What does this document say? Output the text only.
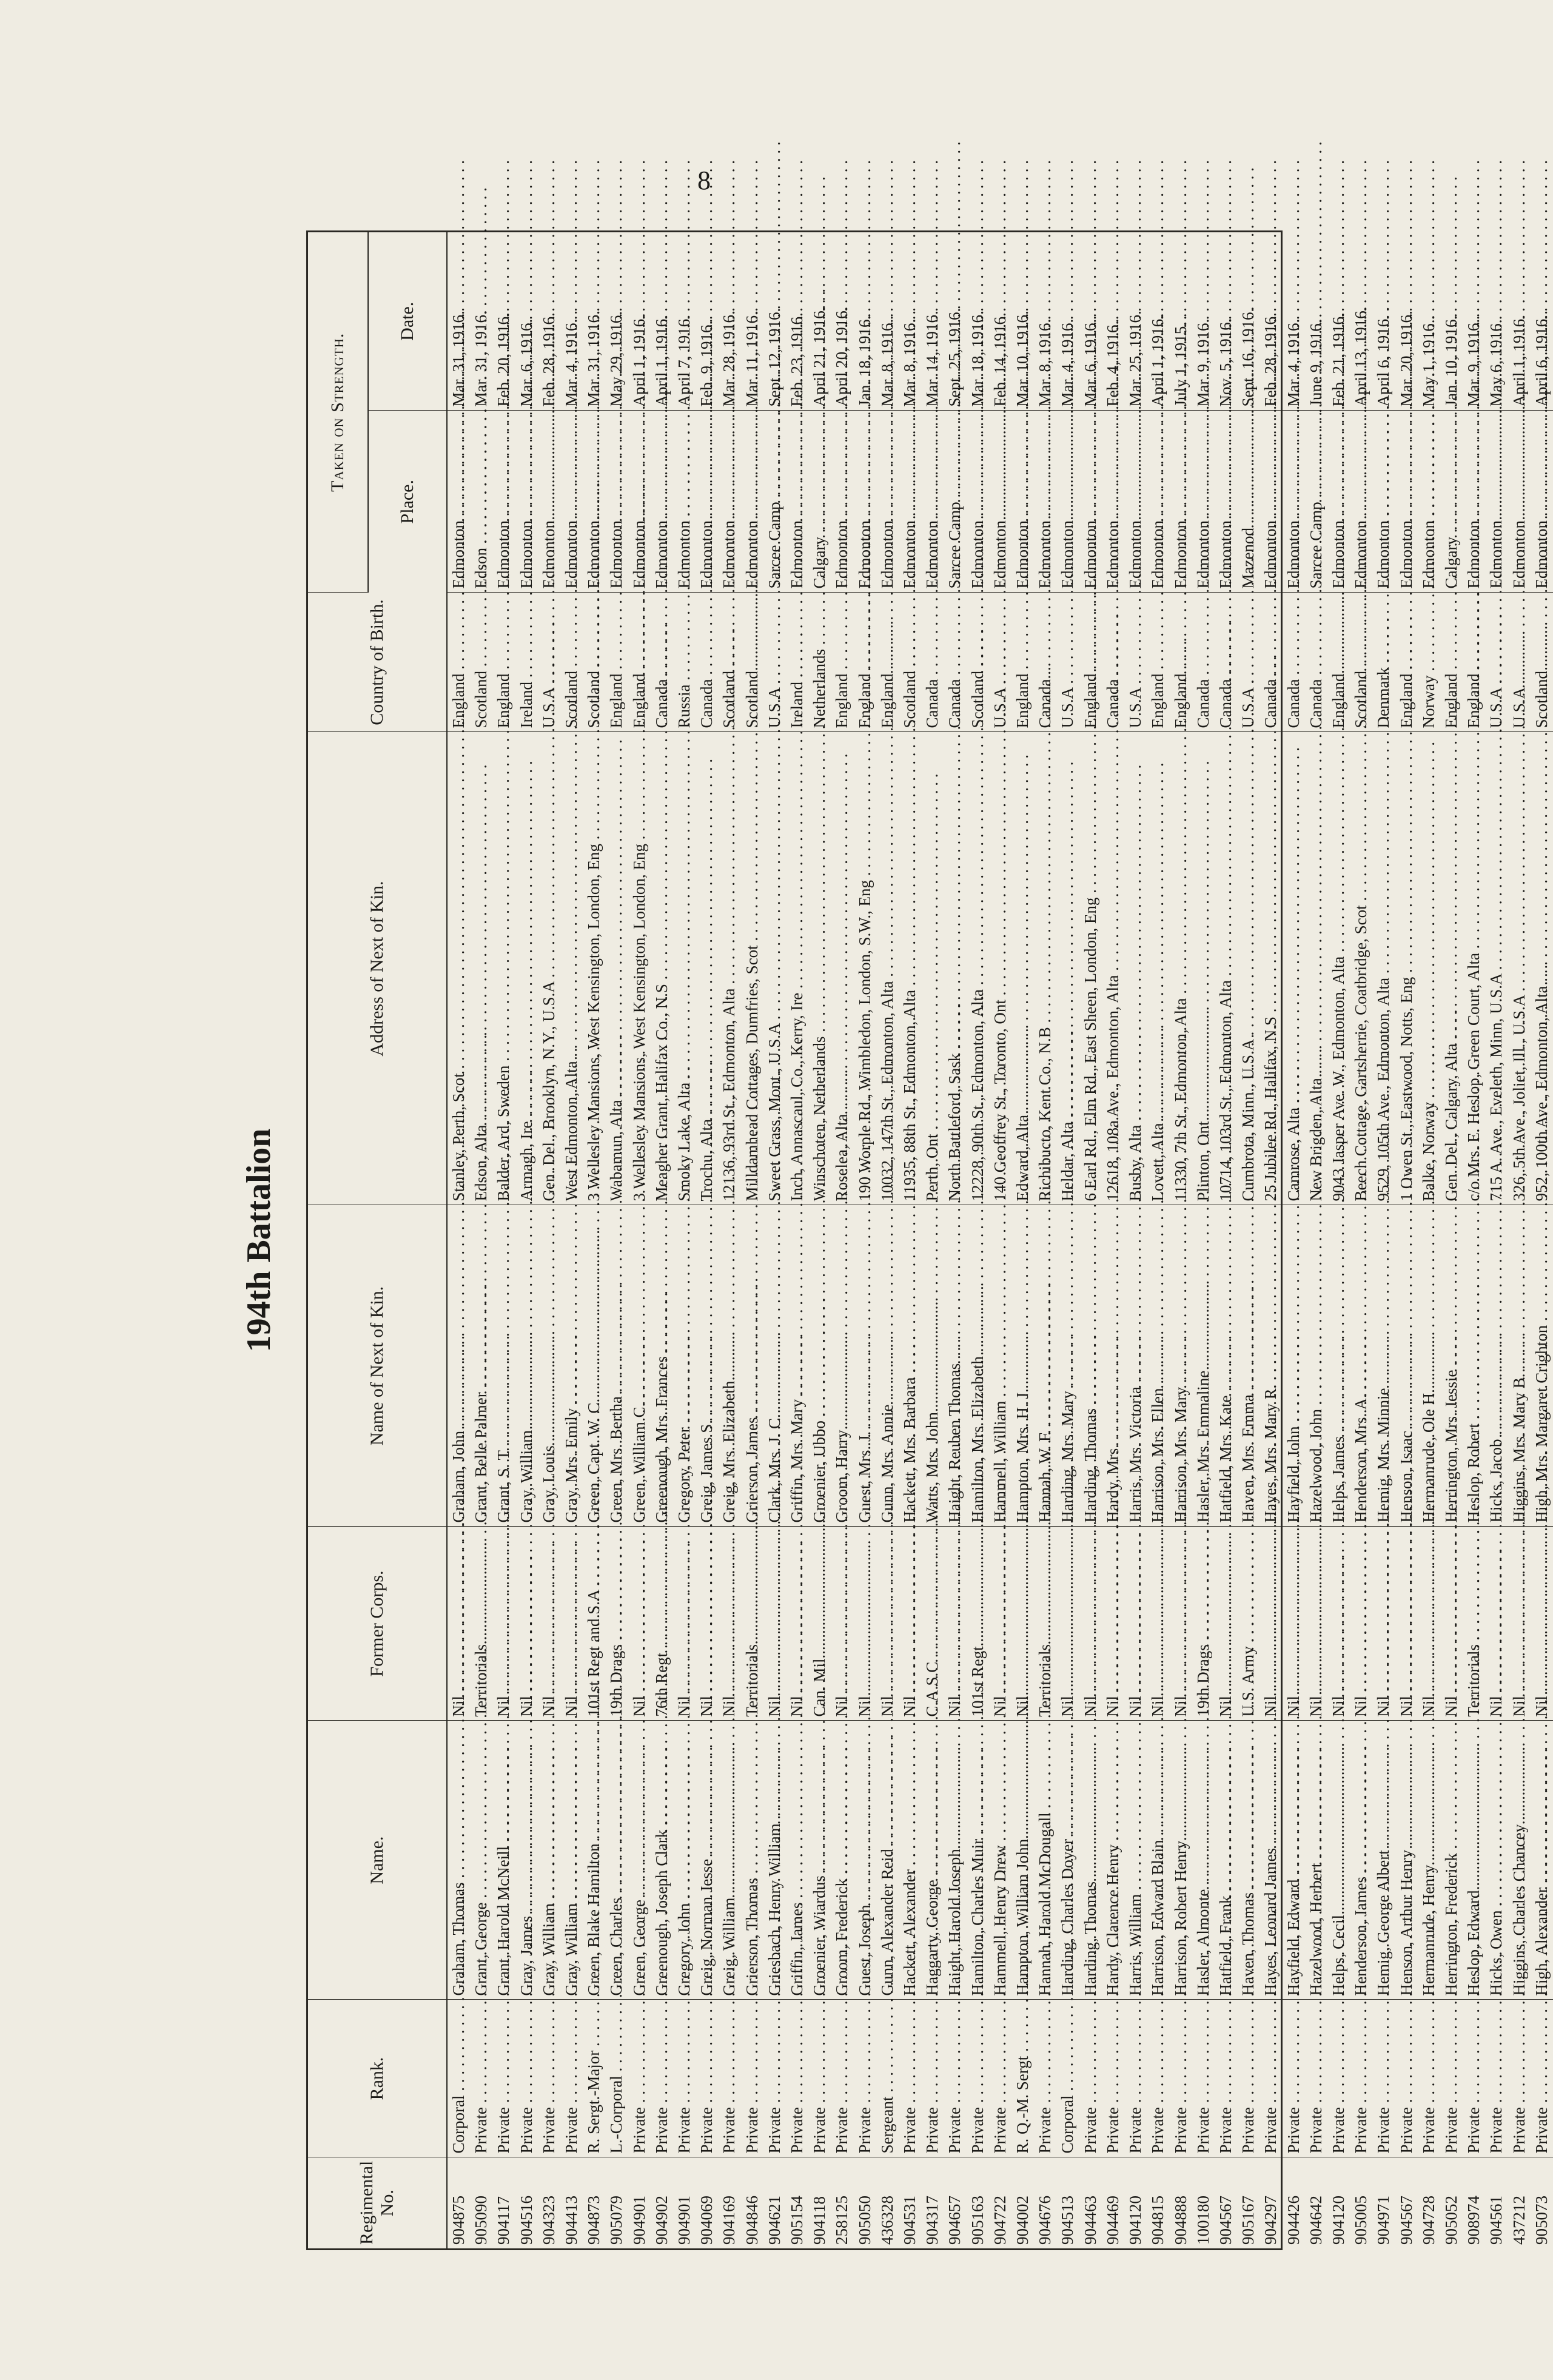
8
194th Battalion
Regimental No.	Rank.	Name.	Former Corps.	Name of Next of Kin.	Address of Next of Kin.	Country of Birth.	Taken on Strength.	
							Place.	Date.
904875	Corporal . . .	Graham, Thomas . . .	Nil . . .	Graham, John . . .	Stanley, Perth, Scot . . .	England . . .	Edmonton . . .	Mar. 31, 1916.
905090	Private . . .	Grant, George . . .	Territorials . . .	Grant, Belle Palmer . . .	Edson, Alta . . .	Scotland . . .	Edson . . .	Mar. 31, 1916.
904117	Private . . .	Grant, Harold McNeill . . .	Nil . . .	Grant, S. T. . . .	Balder, Ard, Sweden . . .	England . . .	Edmonton . . .	Feb. 20, 1916.
904516	Private . . .	Gray, James . . .	Nil . . .	Gray, William . . .	Armagh, Ire . . .	Ireland . . .	Edmonton . . .	Mar. 6, 1916.
904323	Private . . .	Gray, William . . .	Nil . . .	Gray, Louis . . .	Gen. Del., Brooklyn, N.Y., U.S.A . . .	U.S.A . . .	Edmonton . . .	Feb. 28, 1916.
904413	Private . . .	Gray, William . . .	Nil . . .	Gray, Mrs. Emily . . .	West Edmonton, Alta . . .	Scotland . . .	Edmonton . . .	Mar. 4, 1916.
904873	R. Sergt.-Major . . .	Green, Blake Hamilton . . .	101st Regt and S.A . . .	Green, Capt. W. C. . . .	3 Wellesley Mansions, West Kensington, London, Eng . . .	Scotland . . .	Edmonton . . .	Mar. 31, 1916.
905079	L.-Corporal . . .	Green, Charles . . .	19th Drags . . .	Green, Mrs. Bertha . . .	Wabamun, Alta . . .	England . . .	Edmonton . . .	May 29, 1916.
904901	Private . . .	Green, George . . .	Nil . . .	Green, William C. . . .	3 Wellesley Mansions, West Kensington, London, Eng . . .	England . . .	Edmonton . . .	April 1, 1916.
904902	Private . . .	Greenough, Joseph Clark . . .	76th Regt . . .	Greenough, Mrs. Frances . . .	Meagher Grant, Halifax Co., N.S . . .	Canada . . .	Edmonton . . .	April 1, 1916.
904901	Private . . .	Gregory, John . . .	Nil . . .	Gregory, Peter . . .	Smoky Lake, Alta . . .	Russia . . .	Edmonton . . .	April 7, 1916.
904069	Private . . .	Greig, Norman Jesse . . .	Nil . . .	Greig, James S. . . .	Trochu, Alta . . .	Canada . . .	Edmonton . . .	Feb. 9, 1916.
904169	Private . . .	Greig, William . . .	Nil . . .	Greig, Mrs. Elizabeth . . .	12136, 93rd St., Edmonton, Alta . . .	Scotland . . .	Edmonton . . .	Mar. 28, 1916.
904846	Private . . .	Grierson, Thomas . . .	Territorials . . .	Grierson, James . . .	Milldamhead Cottages, Dumfries, Scot . . .	Scotland . . .	Edmonton . . .	Mar. 11, 1916.
904621	Private . . .	Griesbach, Henry William . . .	Nil . . .	Clark, Mrs. J. C. . . .	Sweet Grass, Mont., U.S.A . . .	U.S.A . . .	Sarcee Camp . . .	Sept. 12, 1916.
905154	Private . . .	Griffin, James . . .	Nil . . .	Griffin, Mrs. Mary . . .	Inch, Annascaul, Co., Kerry, Ire . . .	Ireland . . .	Edmonton . . .	Feb. 23, 1916.
904118	Private . . .	Groenier, Wiardus . . .	Can. Mil . . .	Groenier, Ubbo . . .	Winschoten, Netherlands . . .	Netherlands . . .	Calgary . . .	April 21, 1916.
258125	Private . . .	Groom, Frederick . . .	Nil . . .	Groom, Harry . . .	Roselea, Alta . . .	England . . .	Edmonton . . .	April 20, 1916.
905050	Private . . .	Guest, Joseph . . .	Nil . . .	Guest, Mrs. J. . . .	190 Worple Rd., Wimbledon, London, S.W., Eng . . .	England . . .	Edmonton . . .	Jan. 18, 1916.
436328	Sergeant . . .	Gunn, Alexander Reid . . .	Nil . . .	Gunn, Mrs. Annie . . .	10032, 147th St., Edmonton, Alta . . .	England . . .	Edmonton . . .	Mar. 8, 1916.
904531	Private . . .	Hackett, Alexander . . .	Nil . . .	Hackett, Mrs. Barbara . . .	11935, 88th St., Edmonton, Alta . . .	Scotland . . .	Edmonton . . .	Mar. 8, 1916.
904317	Private . . .	Haggarty, George . . .	C.A.S.C . . .	Watts, Mrs. John . . .	Perth, Ont . . .	Canada . . .	Edmonton . . .	Mar. 14, 1916.
904657	Private . . .	Haight, Harold Joseph . . .	Nil . . .	Haight, Reuben Thomas . . .	North Battleford, Sask . . .	Canada . . .	Sarcee Camp . . .	Sept. 25, 1916.
905163	Private . . .	Hamilton, Charles Muir . . .	101st Regt . . .	Hamilton, Mrs. Elizabeth . . .	12228, 90th St., Edmonton, Alta . . .	Scotland . . .	Edmonton . . .	Mar. 18, 1916.
904722	Private . . .	Hammell, Henry Drew . . .	Nil . . .	Hammell, William . . .	140 Geoffrey St., Toronto, Ont . . .	U.S.A . . .	Edmonton . . .	Feb. 14, 1916.
904002	R. Q.-M. Sergt . . .	Hampton, William John . . .	Nil . . .	Hampton, Mrs. H. J. . . .	Edward, Alta . . .	England . . .	Edmonton . . .	Mar. 10, 1916.
904676	Private . . .	Hannah, Harold McDougall . . .	Territorials . . .	Hannah, W. F. . . .	Richibucto, Kent Co., N.B . . .	Canada . . .	Edmonton . . .	Mar. 8, 1916.
904513	Corporal . . .	Harding, Charles Doyer . . .	Nil . . .	Harding, Mrs. Mary . . .	Heldar, Alta . . .	U.S.A . . .	Edmonton . . .	Mar. 4, 1916.
904463	Private . . .	Harding, Thomas . . .	Nil . . .	Harding, Thomas . . .	6 Earl Rd., Elm Rd., East Sheen, London, Eng . . .	England . . .	Edmonton . . .	Mar. 6, 1916.
904469	Private . . .	Hardy, Clarence Henry . . .	Nil . . .	Hardy, Mrs. . . .	12618, 108a Ave., Edmonton, Alta . . .	Canada . . .	Edmonton . . .	Feb. 4, 1916.
904120	Private . . .	Harris, William . . .	Nil . . .	Harris, Mrs. Victoria . . .	Busby, Alta . . .	U.S.A . . .	Edmonton . . .	Mar. 25, 1916.
904815	Private . . .	Harrison, Edward Blain . . .	Nil . . .	Harrison, Mrs. Ellen . . .	Lovett, Alta . . .	England . . .	Edmonton . . .	April 1, 1916.
904888	Private . . .	Harrison, Robert Henry . . .	Nil . . .	Harrison, Mrs. Mary . . .	11330, 7th St., Edmonton, Alta . . .	England . . .	Edmonton . . .	July 1, 1915.
100180	Private . . .	Hasler, Almonte . . .	19th Drags . . .	Hasler, Mrs. Emmaline . . .	Plinton, Ont . . .	Canada . . .	Edmonton . . .	Mar. 9, 1916.
904567	Private . . .	Hatfield, Frank . . .	Nil . . .	Hatfield, Mrs. Kate . . .	10714, 103rd St., Edmonton, Alta . . .	Canada . . .	Edmonton . . .	Nov. 5, 1916.
905167	Private . . .	Haven, Thomas . . .	U.S. Army . . .	Haven, Mrs. Emma . . .	Cumbrota, Minn., U.S.A . . .	U.S.A . . .	Mazenod . . .	Sept. 16, 1916.
904297	Private . . .	Hayes, Leonard James . . .	Nil . . .	Hayes, Mrs. Mary R. . . .	25 Jubilee Rd., Halifax, N.S . . .	Canada . . .	Edmonton . . .	Feb. 28, 1916.
904426	Private . . .	Hayfield, Edward . . .	Nil . . .	Hayfield, John . . .	Camrose, Alta . . .	Canada . . .	Edmonton . . .	Mar. 4, 1916.
904642	Private . . .	Hazelwood, Herbert . . .	Nil . . .	Hazelwood, John . . .	New Brigden, Alta . . .	Canada . . .	Sarcee Camp . . .	June 9, 1916.
904120	Private . . .	Helps, Cecil . . .	Nil . . .	Helps, James . . .	9043 Jasper Ave. W., Edmonton, Alta . . .	England . . .	Edmonton . . .	Feb. 21, 1916.
905005	Private . . .	Henderson, James . . .	Nil . . .	Henderson, Mrs. A. . . .	Beech Cottage, Gartsherrie, Coatbridge, Scot . . .	Scotland . . .	Edmonton . . .	April 13, 1916.
904971	Private . . .	Hemig, George Albert . . .	Nil . . .	Hemig, Mrs. Minnie . . .	9529, 105th Ave., Edmonton, Alta . . .	Denmark . . .	Edmonton . . .	April 6, 1916.
904567	Private . . .	Henson, Arthur Henry . . .	Nil . . .	Henson, Isaac . . .	1 Owen St., Eastwood, Notts, Eng . . .	England . . .	Edmonton . . .	Mar. 20, 1916.
904728	Private . . .	Hermanrude, Henry . . .	Nil . . .	Hermanrude, Ole H. . . .	Balke, Norway . . .	Norway . . .	Edmonton . . .	May 1, 1916.
905052	Private . . .	Herrington, Frederick . . .	Nil . . .	Herrington, Mrs. Jessie . . .	Gen. Del., Calgary, Alta . . .	England . . .	Calgary . . .	Jan. 10, 1916.
908974	Private . . .	Heslop, Edward . . .	Territorials . . .	Heslop, Robert . . .	c/o Mrs. E. Heslop, Green Court, Alta . . .	England . . .	Edmonton . . .	Mar. 9, 1916.
904561	Private . . .	Hicks, Owen . . .	Nil . . .	Hicks, Jacob . . .	715 A. Ave., Eveleth, Minn, U.S.A . . .	U.S.A . . .	Edmonton . . .	May 6, 1916.
437212	Private . . .	Higgins, Charles Chancey . . .	Nil . . .	Higgins, Mrs. Mary B. . . .	326, 5th Ave., Joliet, Ill., U.S.A . . .	U.S.A . . .	Edmonton . . .	April 1, 1916.
905073	Private . . .	High, Alexander . . .	Nil . . .	High, Mrs. Margaret Crighton . . .	952, 100th Ave., Edmonton, Alta . . .	Scotland . . .	Edmonton . . .	April 6, 1916.
